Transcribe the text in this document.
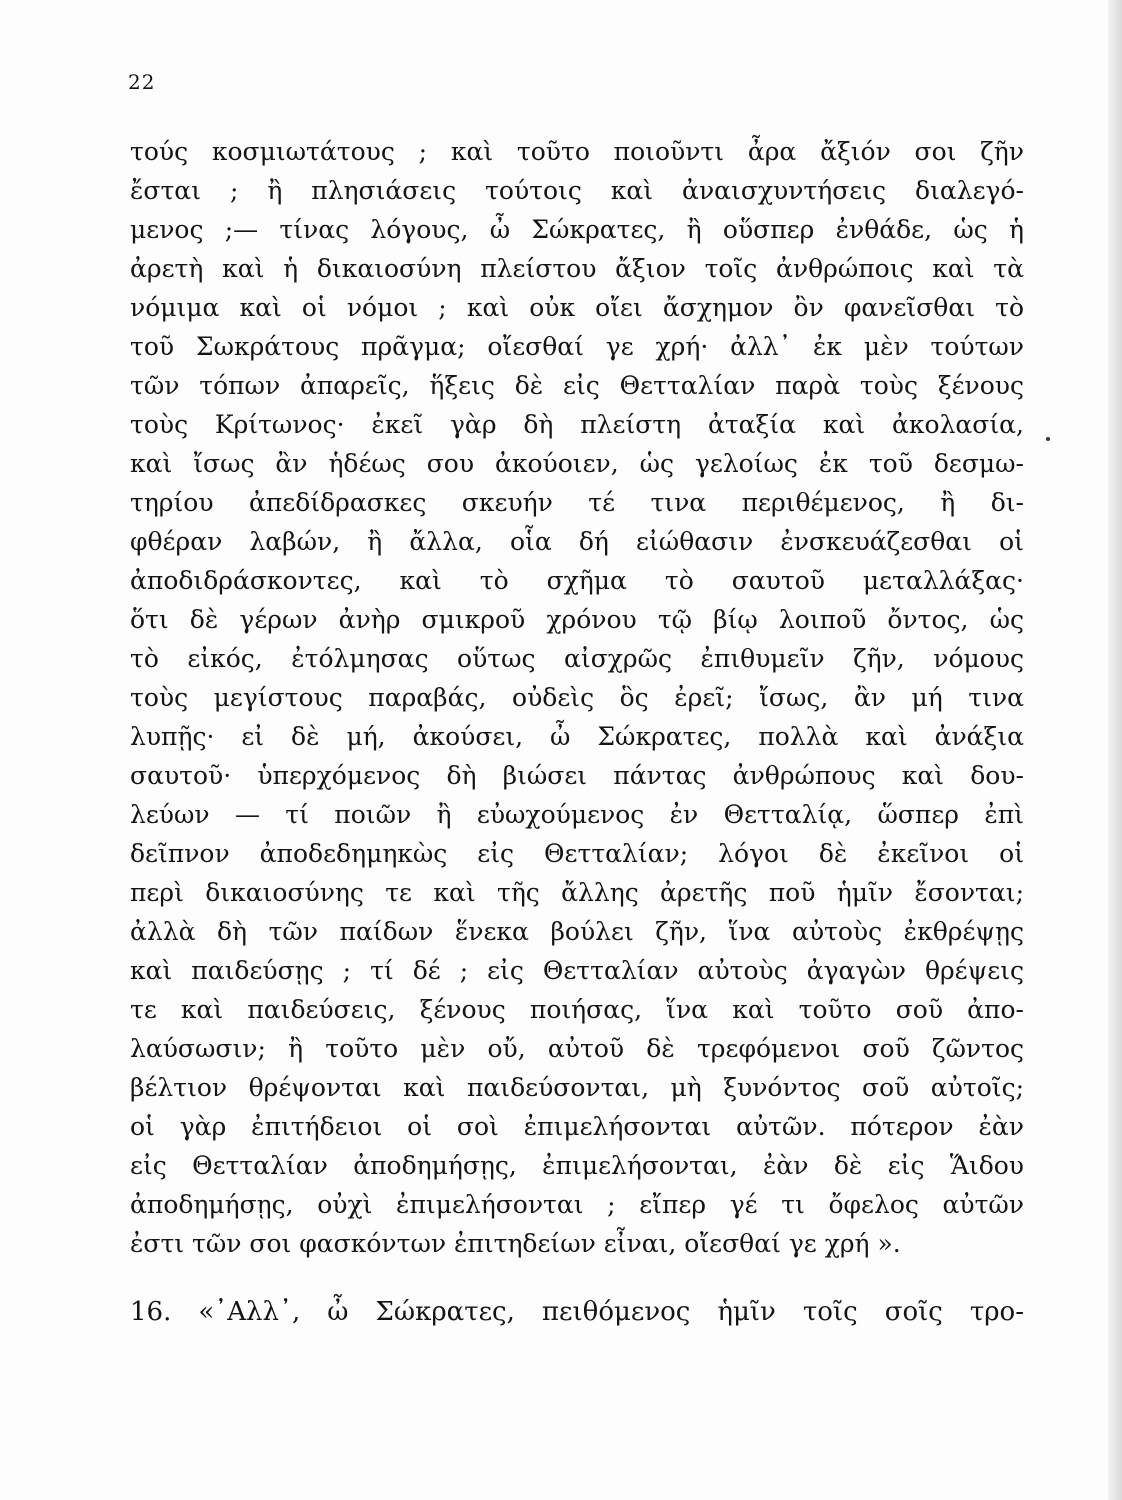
22
τούς κοσμιωτάτους ; καὶ τοῦτο ποιοῦντι ἆρα ἄξιόν σοι ζῆν
ἔσται ; ἢ πλησιάσεις τούτοις καὶ ἀναισχυντήσεις διαλεγό-
μενος ;— τίνας λόγους, ὦ Σώκρατες, ἢ οὕσπερ ἐνθάδε, ὡς ἡ
ἀρετὴ καὶ ἡ δικαιοσύνη πλείστου ἄξιον τοῖς ἀνθρώποις καὶ τὰ
νόμιμα καὶ οἱ νόμοι ; καὶ οὐκ οἴει ἄσχημον ὂν φανεῖσθαι τὸ
τοῦ Σωκράτους πρᾶγμα; οἴεσθαί γε χρή· ἀλλ᾽ ἐκ μὲν τούτων
τῶν τόπων ἀπαρεῖς, ἥξεις δὲ εἰς Θετταλίαν παρὰ τοὺς ξένους
τοὺς Κρίτωνος· ἐκεῖ γὰρ δὴ πλείστη ἀταξία καὶ ἀκολασία,
καὶ ἴσως ἂν ἡδέως σου ἀκούοιεν, ὡς γελοίως ἐκ τοῦ δεσμω-
τηρίου ἀπεδίδρασκες σκευήν τέ τινα περιθέμενος, ἢ δι-
φθέραν λαβών, ἢ ἄλλα, οἷα δή εἰώθασιν ἐνσκευάζεσθαι οἱ
ἀποδιδράσκοντες, καὶ τὸ σχῆμα τὸ σαυτοῦ μεταλλάξας·
ὅτι δὲ γέρων ἀνὴρ σμικροῦ χρόνου τῷ βίῳ λοιποῦ ὄντος, ὡς
τὸ εἰκός, ἐτόλμησας οὕτως αἰσχρῶς ἐπιθυμεῖν ζῆν, νόμους
τοὺς μεγίστους παραβάς, οὐδεὶς ὃς ἐρεῖ; ἴσως, ἂν μή τινα
λυπῇς· εἰ δὲ μή, ἀκούσει, ὦ Σώκρατες, πολλὰ καὶ ἀνάξια
σαυτοῦ· ὑπερχόμενος δὴ βιώσει πάντας ἀνθρώπους καὶ δου-
λεύων — τί ποιῶν ἢ εὐωχούμενος ἐν Θετταλίᾳ, ὥσπερ ἐπὶ
δεῖπνον ἀποδεδημηκὼς εἰς Θετταλίαν; λόγοι δὲ ἐκεῖνοι οἱ
περὶ δικαιοσύνης τε καὶ τῆς ἄλλης ἀρετῆς ποῦ ἡμῖν ἔσονται;
ἀλλὰ δὴ τῶν παίδων ἕνεκα βούλει ζῆν, ἵνα αὐτοὺς ἐκθρέψῃς
καὶ παιδεύσῃς ; τί δέ ; εἰς Θετταλίαν αὐτοὺς ἀγαγὼν θρέψεις
τε καὶ παιδεύσεις, ξένους ποιήσας, ἵνα καὶ τοῦτο σοῦ ἀπο-
λαύσωσιν; ἢ τοῦτο μὲν οὔ, αὐτοῦ δὲ τρεφόμενοι σοῦ ζῶντος
βέλτιον θρέψονται καὶ παιδεύσονται, μὴ ξυνόντος σοῦ αὐτοῖς;
οἱ γὰρ ἐπιτήδειοι οἱ σοὶ ἐπιμελήσονται αὐτῶν. πότερον ἐὰν
εἰς Θετταλίαν ἀποδημήσῃς, ἐπιμελήσονται, ἐὰν δὲ εἰς Ἅιδου
ἀποδημήσῃς, οὐχὶ ἐπιμελήσονται ; εἴπερ γέ τι ὄφελος αὐτῶν
ἐστι τῶν σοι φασκόντων ἐπιτηδείων εἶναι, οἴεσθαί γε χρή ».
16. «᾽Αλλ᾽, ὦ Σώκρατες, πειθόμενος ἡμῖν τοῖς σοῖς τρο-
